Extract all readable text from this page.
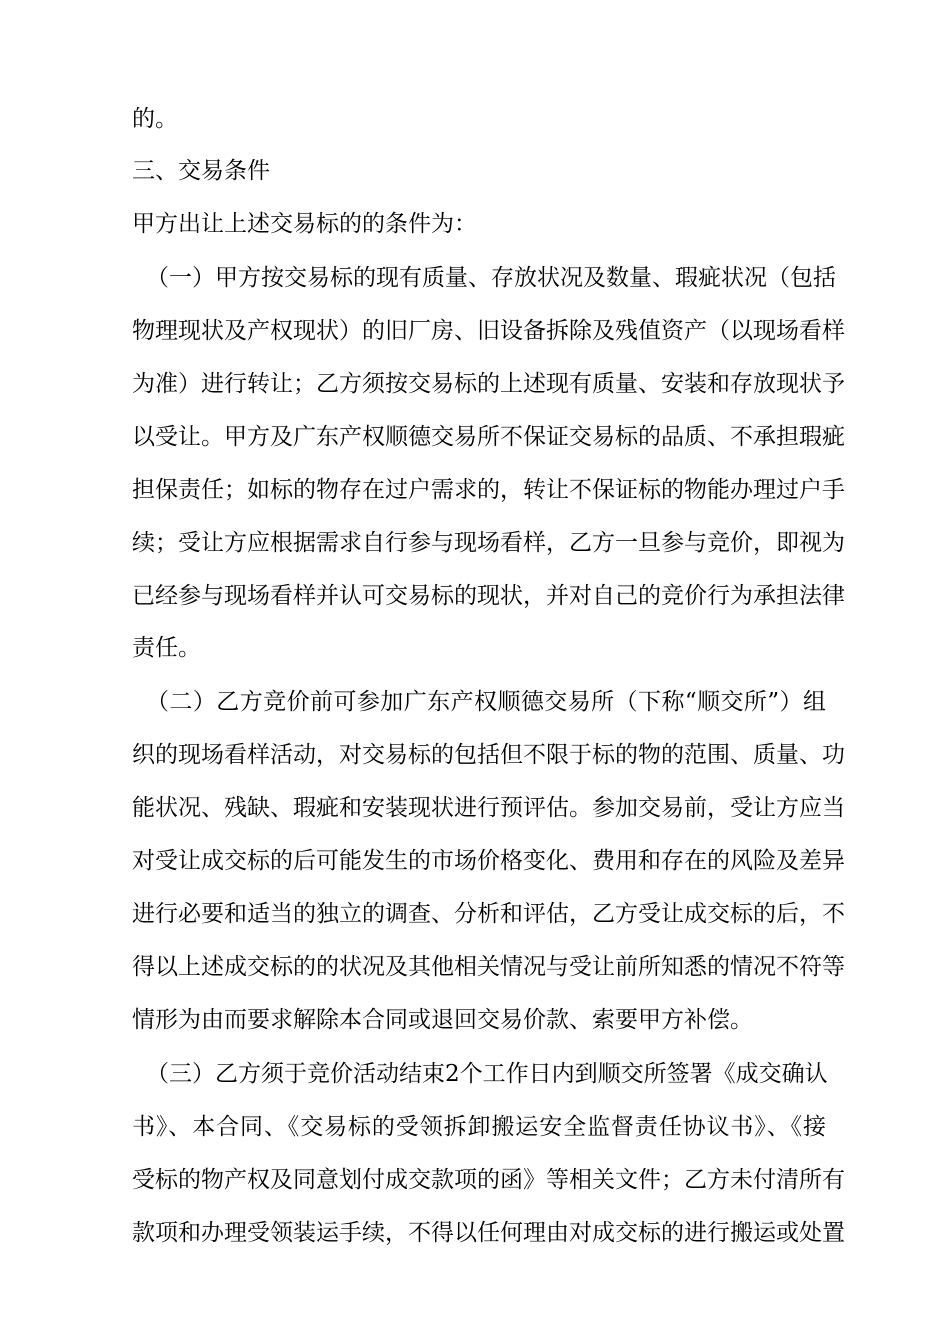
的。
三、交易条件
甲方出让上述交易标的的条件为：
（一）甲方按交易标的现有质量、存放状况及数量、瑕疵状况（包括
物理现状及产权现状）的旧厂房、旧设备拆除及残值资产（以现场看样
为准）进行转让；乙方须按交易标的上述现有质量、安装和存放现状予
以受让。甲方及广东产权顺德交易所不保证交易标的品质、不承担瑕疵
担保责任；如标的物存在过户需求的，转让不保证标的物能办理过户手
续；受让方应根据需求自行参与现场看样，乙方一旦参与竞价，即视为
已经参与现场看样并认可交易标的现状，并对自己的竞价行为承担法律
责任。
（二）乙方竞价前可参加广东产权顺德交易所（下称“顺交所”）组
织的现场看样活动，对交易标的包括但不限于标的物的范围、质量、功
能状况、残缺、瑕疵和安装现状进行预评估。参加交易前，受让方应当
对受让成交标的后可能发生的市场价格变化、费用和存在的风险及差异
进行必要和适当的独立的调查、分析和评估，乙方受让成交标的后，不
得以上述成交标的的状况及其他相关情况与受让前所知悉的情况不符等
情形为由而要求解除本合同或退回交易价款、索要甲方补偿。
（三）乙方须于竞价活动结束2个工作日内到顺交所签署《成交确认
书》、本合同、《交易标的受领拆卸搬运安全监督责任协议书》、《接
受标的物产权及同意划付成交款项的函》等相关文件；乙方未付清所有
款项和办理受领装运手续，不得以任何理由对成交标的进行搬运或处置
